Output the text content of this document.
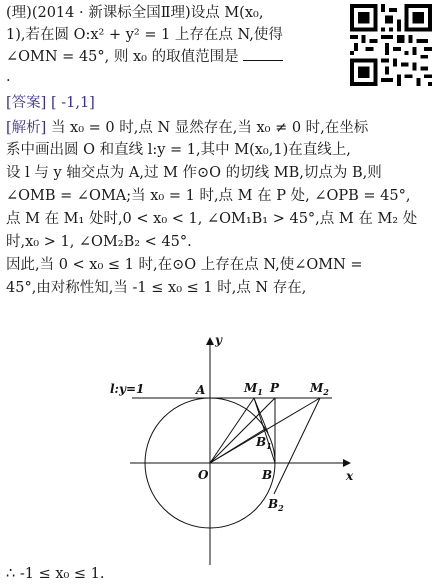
(理)(2014 · 新课标全国Ⅱ理)设点 M(x₀,
1),若在圆 O:x² + y² = 1 上存在点 N,使得
∠OMN = 45°, 则 x₀ 的取值范围是
.
[答案] [ -1,1]
[解析] 当 x₀ = 0 时,点 N 显然存在,当 x₀ ≠ 0 时,在坐标
系中画出圆 O 和直线 l:y = 1,其中 M(x₀,1)在直线上,
设 l 与 y 轴交点为 A,过 M 作⊙O 的切线 MB,切点为 B,则
∠OMB = ∠OMA;当 x₀ = 1 时,点 M 在 P 处, ∠OPB = 45°,
点 M 在 M₁ 处时,0 < x₀ < 1, ∠OM₁B₁ > 45°,点 M 在 M₂ 处
时,x₀ > 1, ∠OM₂B₂ < 45°.
因此,当 0 < x₀ ≤ 1 时,在⊙O 上存在点 N,使∠OMN =
45°,由对称性知,当 -1 ≤ x₀ ≤ 1 时,点 N 存在,
l:y=1
y
x
A	$M_1$ P	$M_2$
$B_1$
O	B
$B_2$
∴ -1 ≤ x₀ ≤ 1.
